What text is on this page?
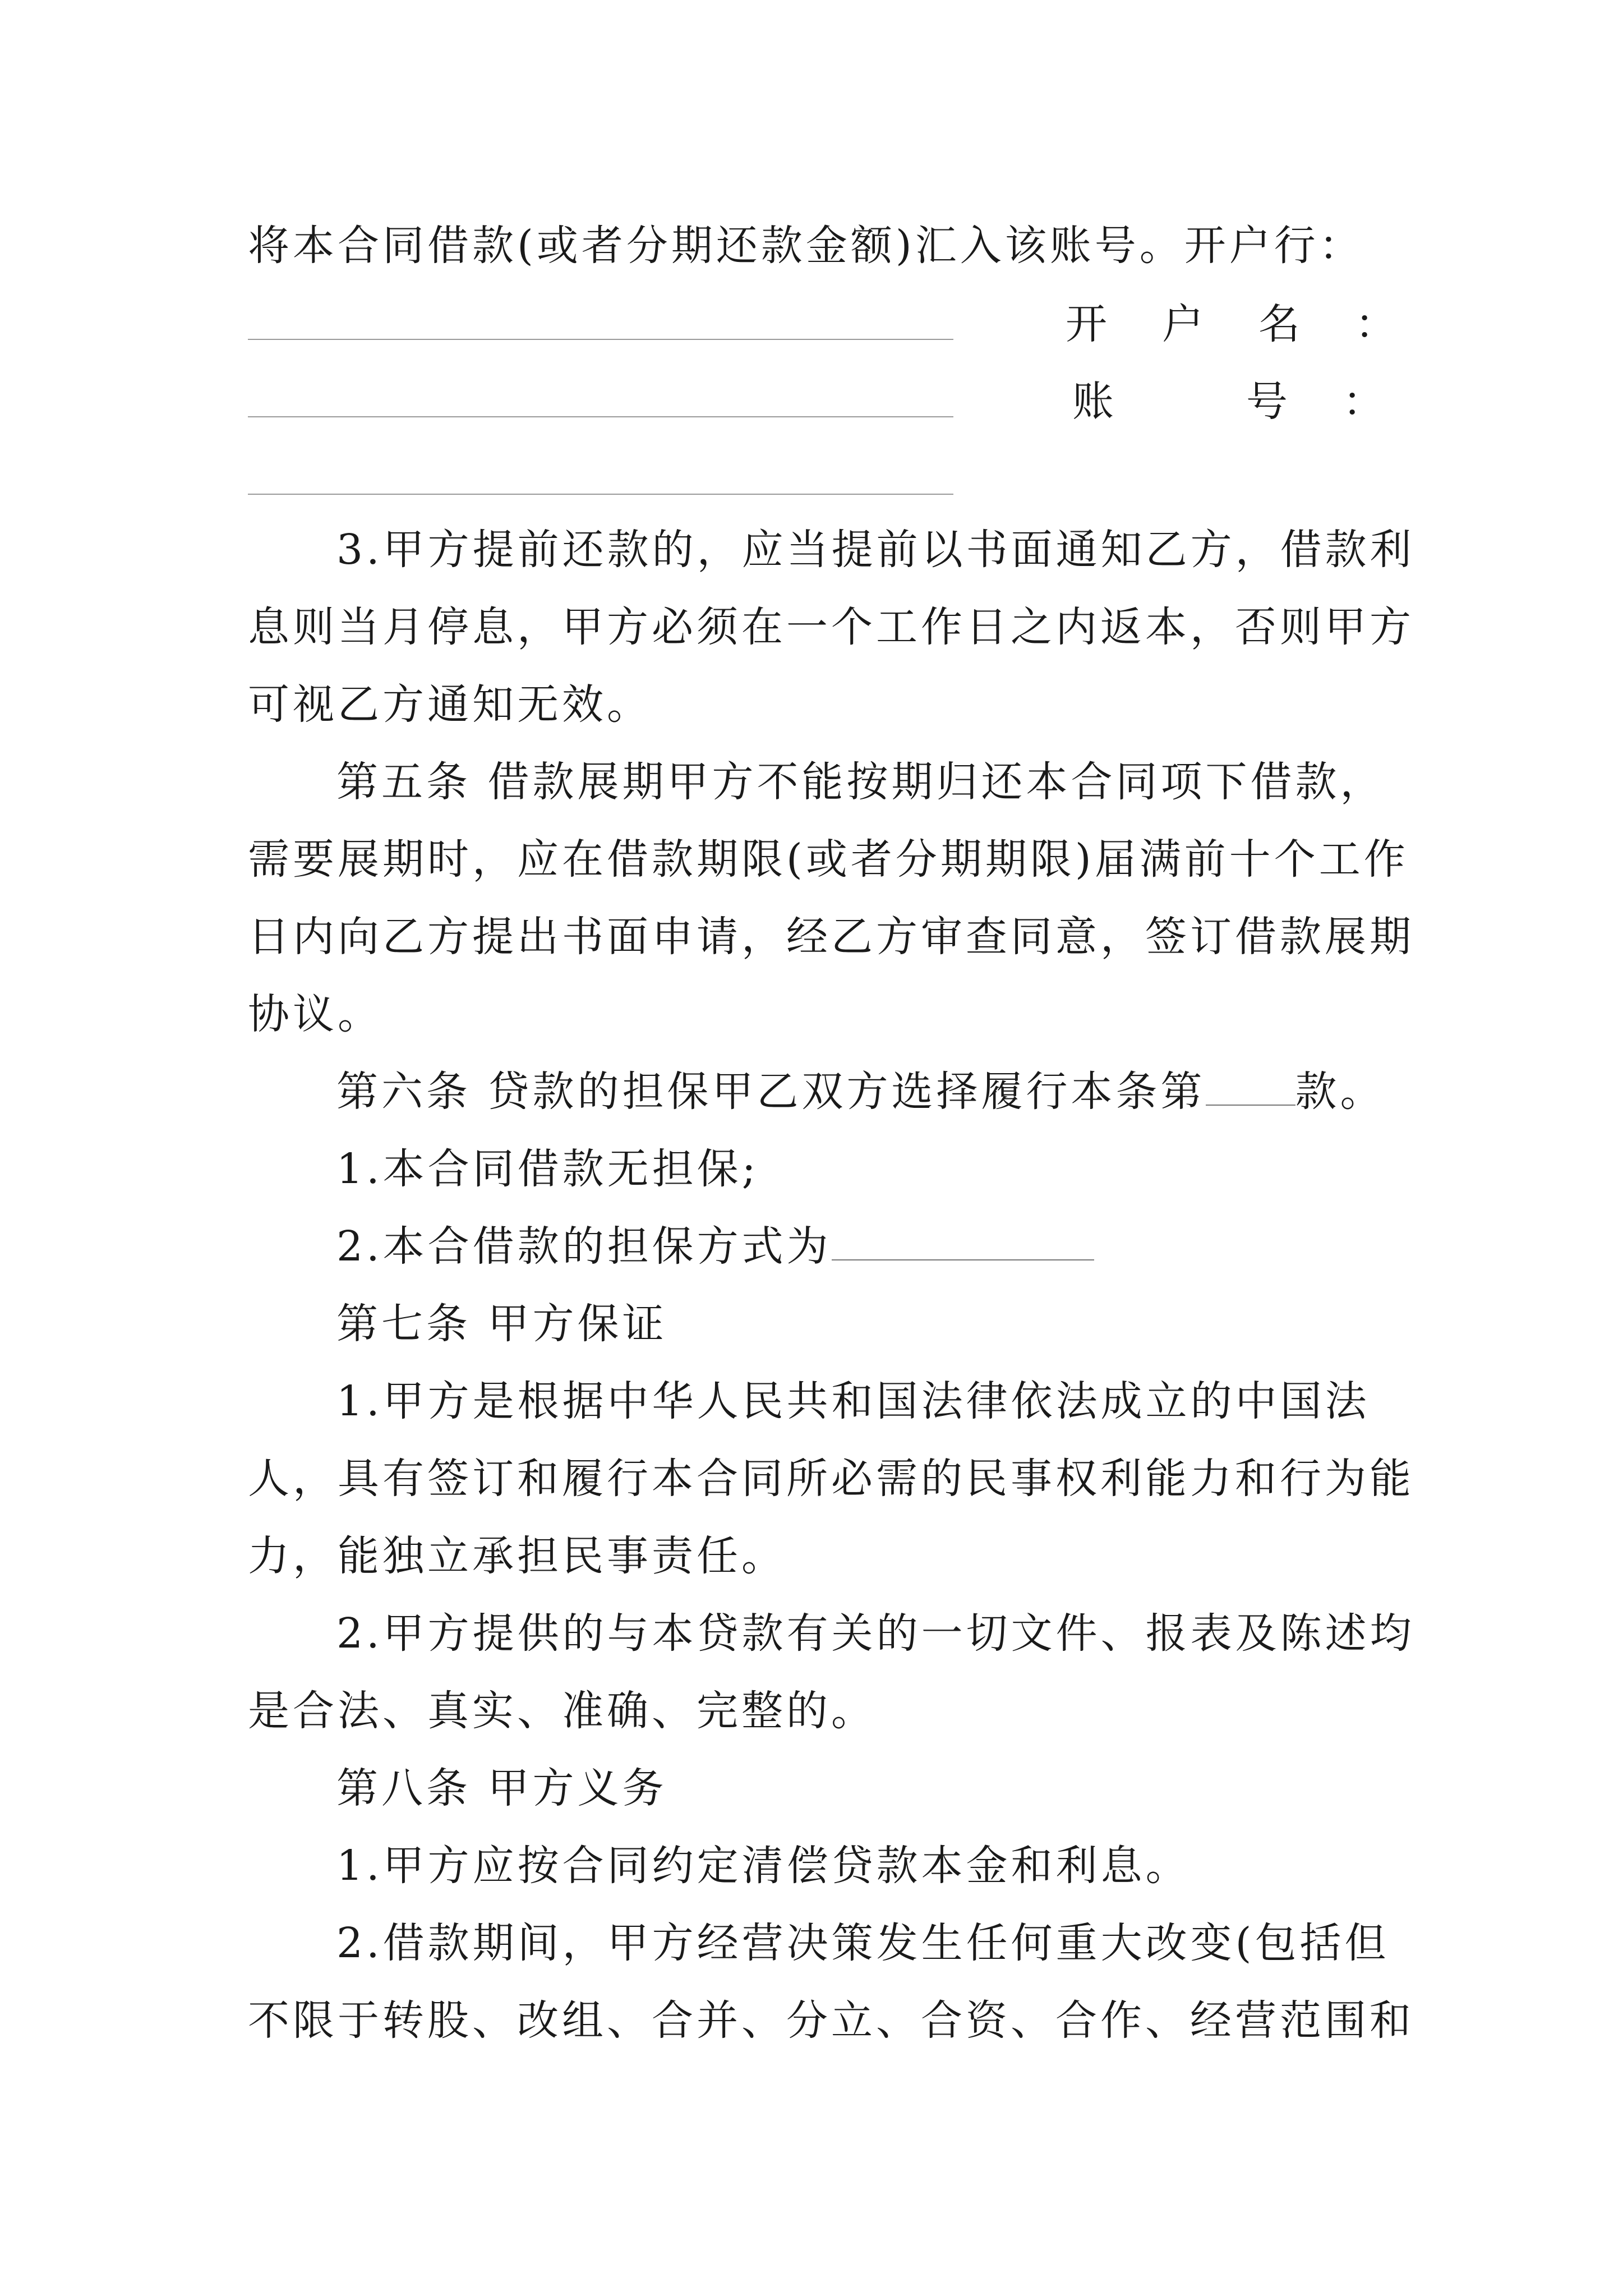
将本合同借款(或者分期还款金额)汇入该账号。开户行：
开 户 名 ：
账	号 ：
3.甲方提前还款的，应当提前以书面通知乙方，借款利
息则当月停息，甲方必须在一个工作日之内返本，否则甲方
可视乙方通知无效。
第五条 借款展期甲方不能按期归还本合同项下借款，
需要展期时，应在借款期限(或者分期期限)届满前十个工作
日内向乙方提出书面申请，经乙方审查同意，签订借款展期
协议。
第六条 贷款的担保甲乙双方选择履行本条第 款。
1.本合同借款无担保;
2.本合借款的担保方式为
第七条 甲方保证
1.甲方是根据中华人民共和国法律依法成立的中国法
人，具有签订和履行本合同所必需的民事权利能力和行为能
力，能独立承担民事责任。
2.甲方提供的与本贷款有关的一切文件、报表及陈述均
是合法、真实、准确、完整的。
第八条 甲方义务
1.甲方应按合同约定清偿贷款本金和利息。
2.借款期间，甲方经营决策发生任何重大改变(包括但
不限于转股、改组、合并、分立、合资、合作、经营范围和
